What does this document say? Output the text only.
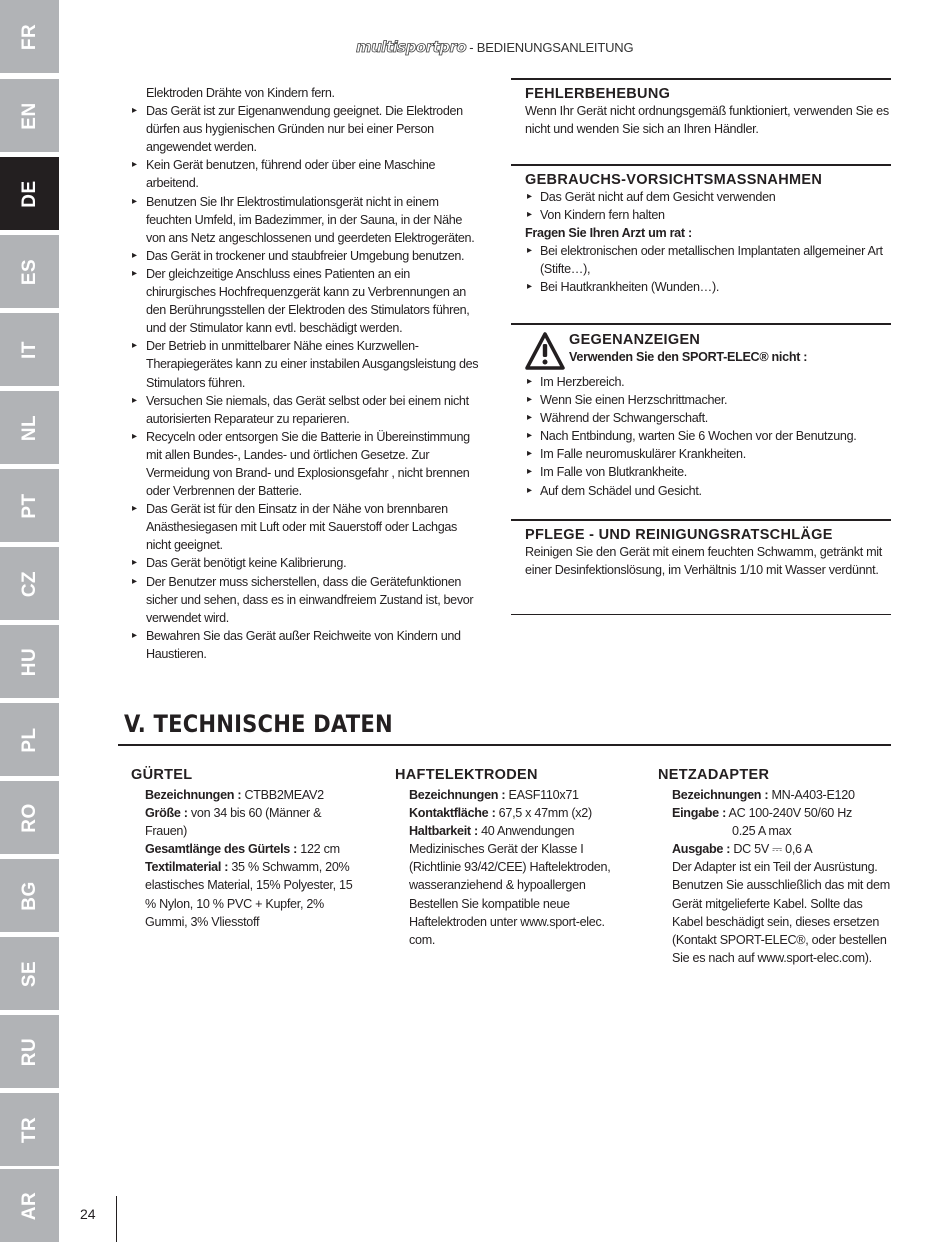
FR
EN
DE
ES
IT
NL
PT
CZ
HU
PL
RO
BG
SE
RU
TR
AR
multisportpro - BEDIENUNGSANLEITUNG
Elektroden Drähte von Kindern fern.
▸ Das Gerät ist zur Eigenanwendung geeignet. Die Elektroden dürfen aus hygienischen Gründen nur bei einer Person angewendet werden.
▸ Kein Gerät benutzen, führend oder über eine Maschine arbeitend.
▸ Benutzen Sie Ihr Elektrostimulationsgerät nicht in einem feuchten Umfeld, im Badezimmer, in der Sauna, in der Nähe von ans Netz angeschlossenen und geerdeten Elektrogeräten.
▸ Das Gerät in trockener und staubfreier Umgebung benutzen.
▸ Der gleichzeitige Anschluss eines Patienten an ein chirurgisches Hochfrequenzgerät kann zu Verbrennungen an den Berührungsstellen der Elektroden des Stimulators führen, und der Stimulator kann evtl. beschädigt werden.
▸ Der Betrieb in unmittelbarer Nähe eines Kurzwellen-Therapiegerätes kann zu einer instabilen Ausgangsleistung des Stimulators führen.
▸ Versuchen Sie niemals, das Gerät selbst oder bei einem nicht autorisierten Reparateur zu reparieren.
▸ Recyceln oder entsorgen Sie die Batterie in Übereinstimmung mit allen Bundes-, Landes- und örtlichen Gesetze. Zur Vermeidung von Brand- und Explosionsgefahr , nicht brennen oder Verbrennen der Batterie.
▸ Das Gerät ist für den Einsatz in der Nähe von brennbaren Anästhesiegasen mit Luft oder mit Sauerstoff oder Lachgas nicht geeignet.
▸ Das Gerät benötigt keine Kalibrierung.
▸ Der Benutzer muss sicherstellen, dass die Gerätefunktionen sicher und sehen, dass es in einwandfreiem Zustand ist, bevor verwendet wird.
▸ Bewahren Sie das Gerät außer Reichweite von Kindern und Haustieren.
FEHLERBEHEBUNG
Wenn Ihr Gerät nicht ordnungsgemäß funktioniert, verwenden Sie es nicht und wenden Sie sich an Ihren Händler.
GEBRAUCHS-VORSICHTSMASSNAHMEN
▸ Das Gerät nicht auf dem Gesicht verwenden
▸ Von Kindern fern halten
Fragen Sie Ihren Arzt um rat :
▸ Bei elektronischen oder metallischen Implantaten allgemeiner Art (Stifte…),
▸ Bei Hautkrankheiten (Wunden…).
GEGENANZEIGEN
Verwenden Sie den SPORT-ELEC® nicht :
▸ Im Herzbereich.
▸ Wenn Sie einen Herzschrittmacher.
▸ Während der Schwangerschaft.
▸ Nach Entbindung, warten Sie 6 Wochen vor der Benutzung.
▸ Im Falle neuromuskulärer Krankheiten.
▸ Im Falle von Blutkrankheite.
▸ Auf dem Schädel und Gesicht.
PFLEGE - UND REINIGUNGSRATSCHLÄGE
Reinigen Sie den Gerät mit einem feuchten Schwamm, getränkt mit einer Desinfektionslösung, im Verhältnis 1/10 mit Wasser verdünnt.
V. TECHNISCHE DATEN
GÜRTEL
Bezeichnungen : CTBB2MEAV2
Größe : von 34 bis 60 (Männer & Frauen)
Gesamtlänge des Gürtels : 122 cm
Textilmaterial : 35 % Schwamm, 20% elastisches Material, 15% Polyester, 15 % Nylon, 10 % PVC + Kupfer, 2% Gummi, 3% Vliesstoff
HAFTELEKTRODEN
Bezeichnungen : EASF110x71
Kontaktfläche : 67,5 x 47mm (x2)
Haltbarkeit : 40 Anwendungen
Medizinisches Gerät der Klasse I (Richtlinie 93/42/CEE) Haftelektroden, wasseranziehend & hypoallergen Bestellen Sie kompatible neue Haftelektroden unter www.sport-elec. com.
NETZADAPTER
Bezeichnungen : MN-A403-E120
Eingabe : AC 100-240V 50/60 Hz
0.25 A max
Ausgabe : DC 5V ⎓ 0,6 A
Der Adapter ist ein Teil der Ausrüstung. Benutzen Sie ausschließlich das mit dem Gerät mitgelieferte Kabel. Sollte das Kabel beschädigt sein, dieses ersetzen (Kontakt SPORT-ELEC®, oder bestellen Sie es nach auf www.sport-elec.com).
24
